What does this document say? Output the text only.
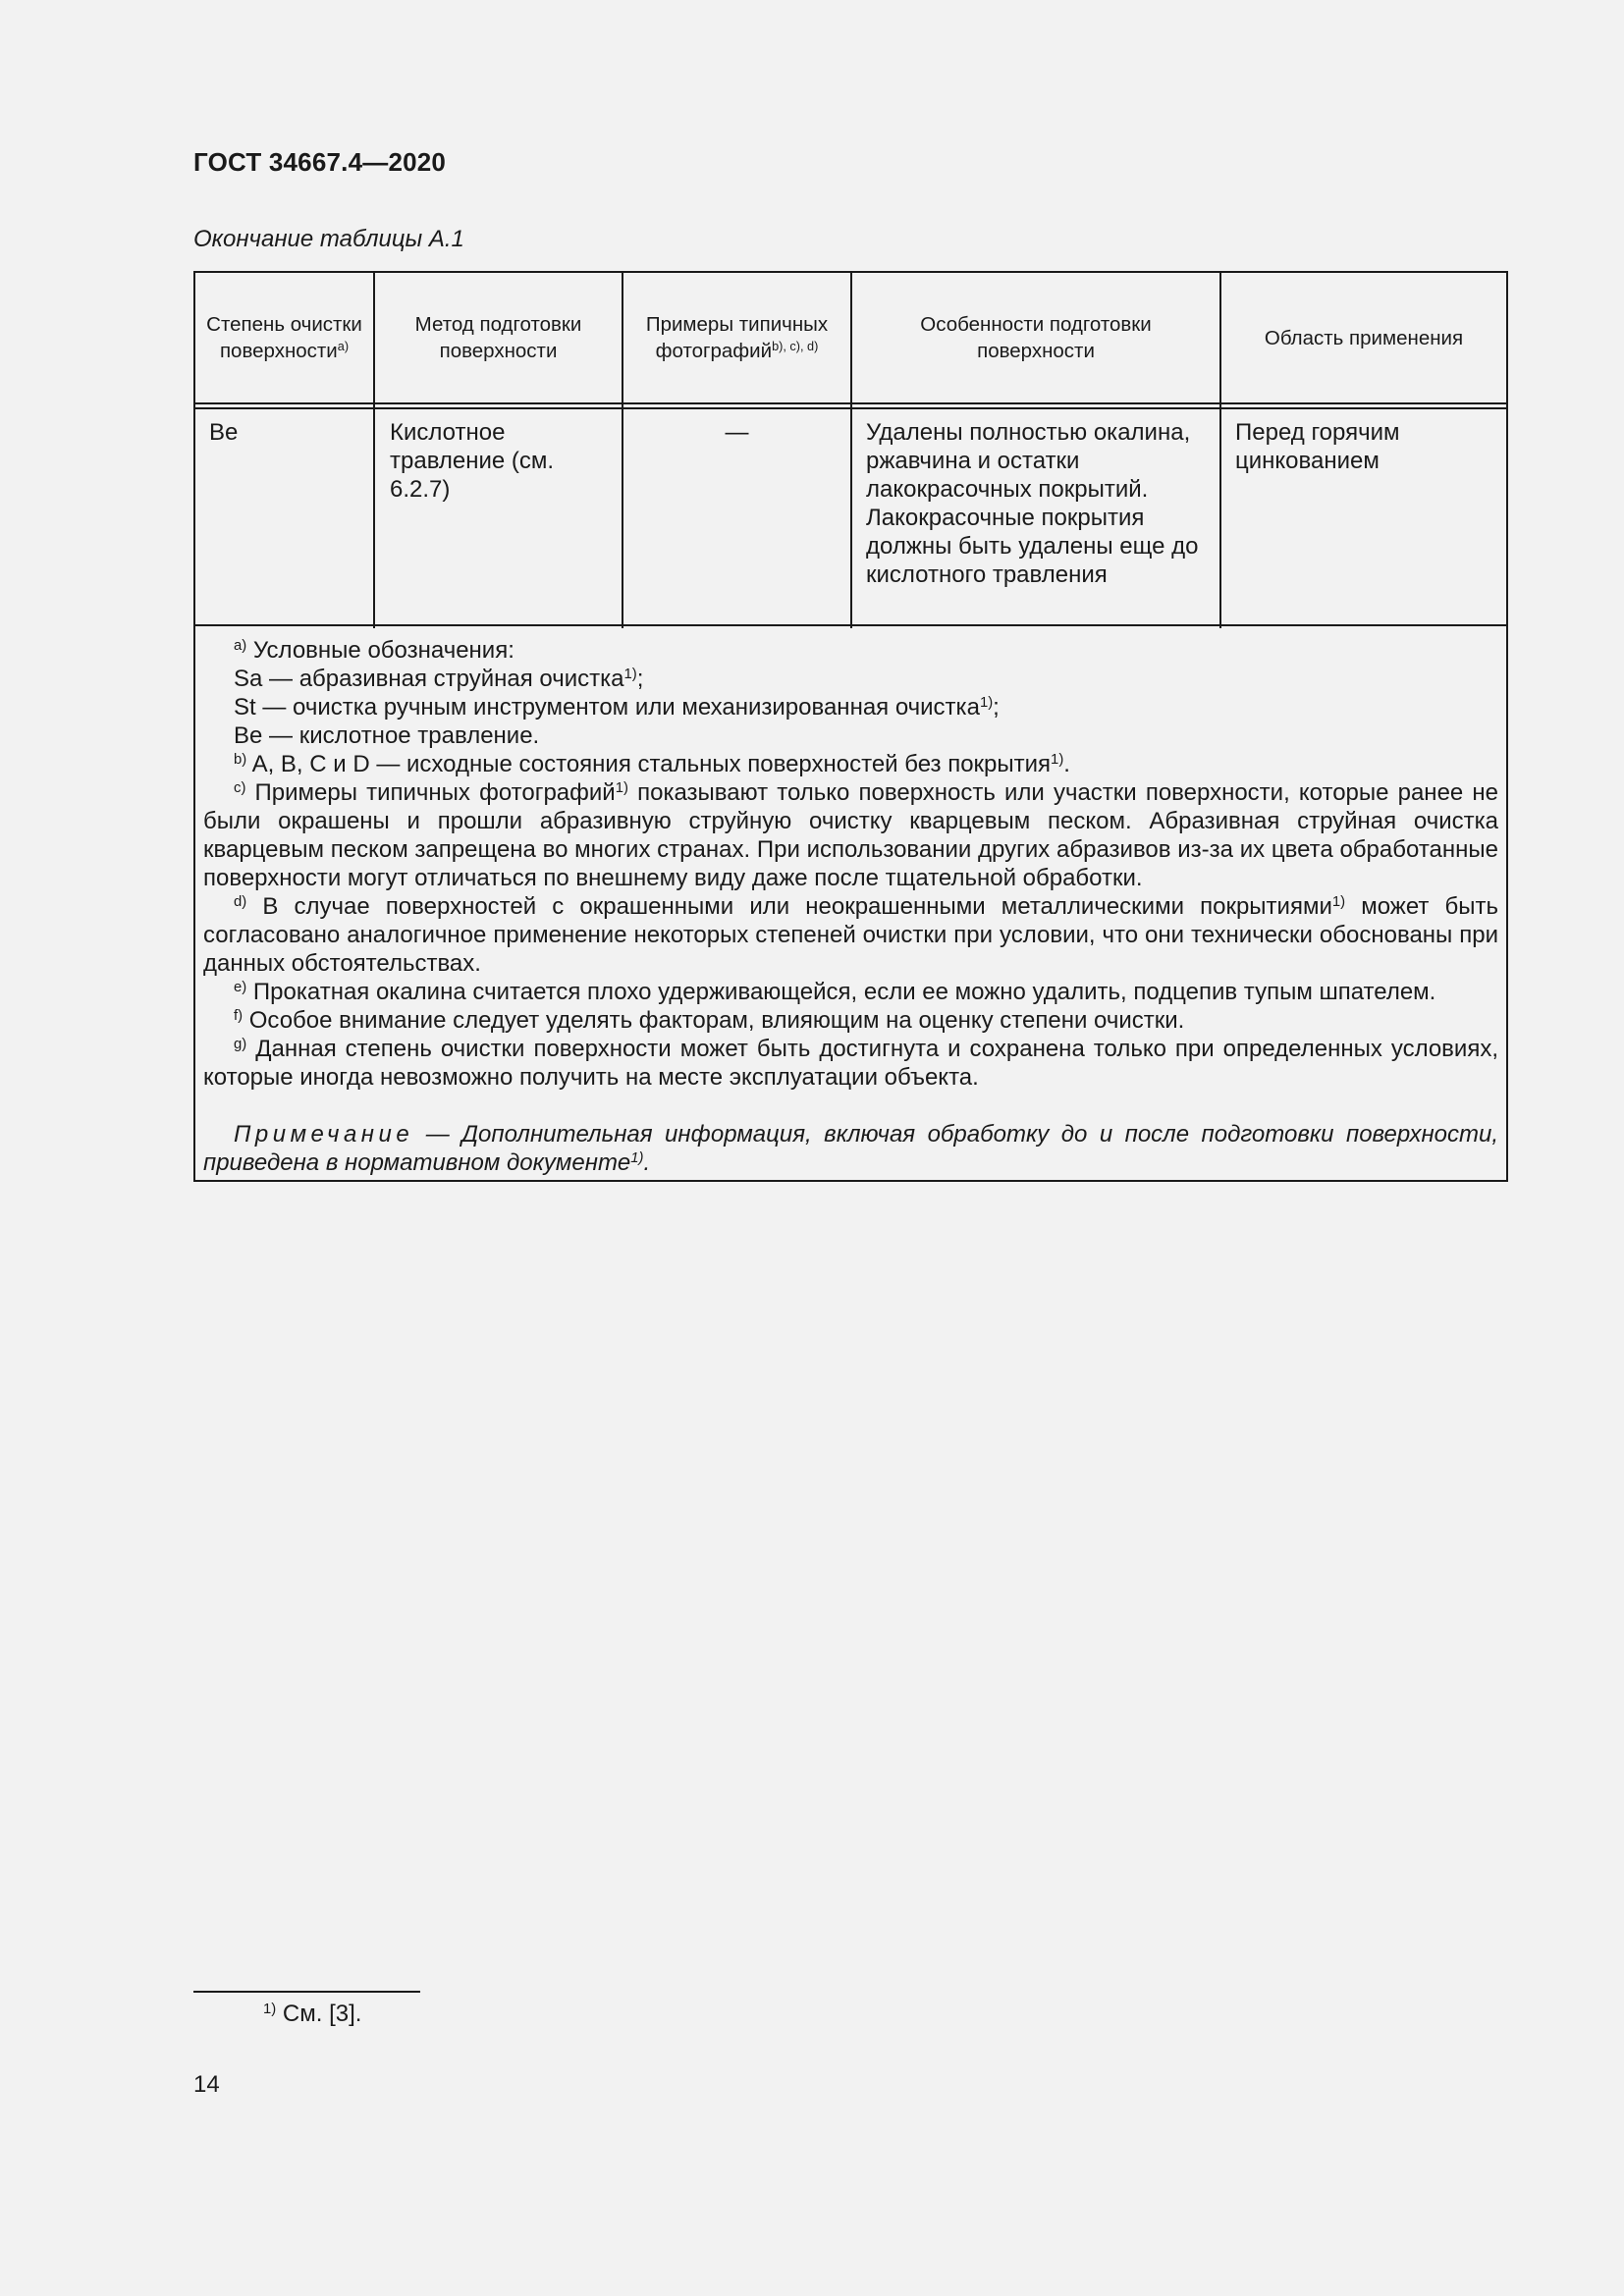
ГОСТ 34667.4—2020
Окончание таблицы А.1
Степень очистки поверхности$^{a)}$
Метод подготовки поверхности
Примеры типичных фотографий$^{b), c), d)}$
Особенности подготовки поверхности
Область применения
Be	Кислотное травление (см. 6.2.7)
—	Удалены полностью окалина, ржавчина и остатки лакокрасочных покрытий. Лакокрасочные покрытия должны быть удалены еще до кислотного травления
Перед горячим цинкованием

$^{a)}$ Условные обозначения:

Sa — абразивная струйная очистка$^{1)}$;

St — очистка ручным инструментом или механизированная очистка$^{1)}$;

Be — кислотное травление.

$^{b)}$ A, B, C и D — исходные состояния стальных поверхностей без покрытия$^{1)}$.

$^{c)}$ Примеры типичных фотографий$^{1)}$ показывают только поверхность или участки поверхности, которые ранее не были окрашены и прошли абразивную струйную очистку кварцевым песком. Абразивная струйная очистка кварцевым песком запрещена во многих странах. При использовании других абразивов из-за их цвета обработанные поверхности могут отличаться по внешнему виду даже после тщательной обработки.

$^{d)}$ В случае поверхностей с окрашенными или неокрашенными металлическими покрытиями$^{1)}$ может быть согласовано аналогичное применение некоторых степеней очистки при условии, что они технически обоснованы при данных обстоятельствах.

$^{e)}$ Прокатная окалина считается плохо удерживающейся, если ее можно удалить, подцепив тупым шпателем.

$^{f)}$ Особое внимание следует уделять факторам, влияющим на оценку степени очистки.

$^{g)}$ Данная степень очистки поверхности может быть достигнута и сохранена только при определенных условиях, которые иногда невозможно получить на месте эксплуатации объекта.

Примечание — Дополнительная информация, включая обработку до и после подготовки поверхности, приведена в нормативном документе$^{1)}$.

$^{1)}$ См. [3].
14
